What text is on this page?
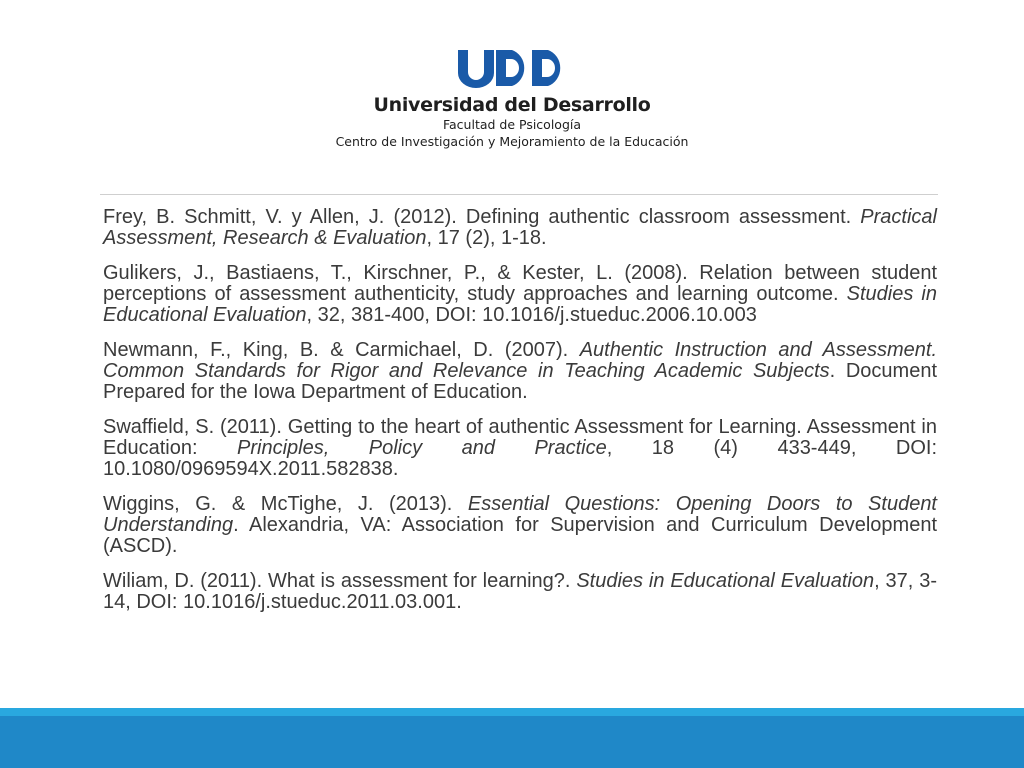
Universidad del Desarrollo
Facultad de Psicología
Centro de Investigación y Mejoramiento de la Educación

Frey, B. Schmitt, V. y Allen, J. (2012). Defining authentic classroom assessment. Practical Assessment, Research & Evaluation, 17 (2), 1-18.

Gulikers, J., Bastiaens, T., Kirschner, P., & Kester, L. (2008). Relation between student perceptions of assessment authenticity, study approaches and learning outcome. Studies in Educational Evaluation, 32, 381-400, DOI: 10.1016/j.stueduc.2006.10.003

Newmann, F., King, B. & Carmichael, D. (2007). Authentic Instruction and Assessment. Common Standards for Rigor and Relevance in Teaching Academic Subjects. Document Prepared for the Iowa Department of Education.

Swaffield, S. (2011). Getting to the heart of authentic Assessment for Learning. Assessment in Education: Principles, Policy and Practice, 18 (4) 433-449, DOI: 10.1080/0969594X.2011.582838.

Wiggins, G. & McTighe, J. (2013). Essential Questions: Opening Doors to Student Understanding. Alexandria, VA: Association for Supervision and Curriculum Development (ASCD).

Wiliam, D. (2011). What is assessment for learning?. Studies in Educational Evaluation, 37, 3-14, DOI: 10.1016/j.stueduc.2011.03.001.
